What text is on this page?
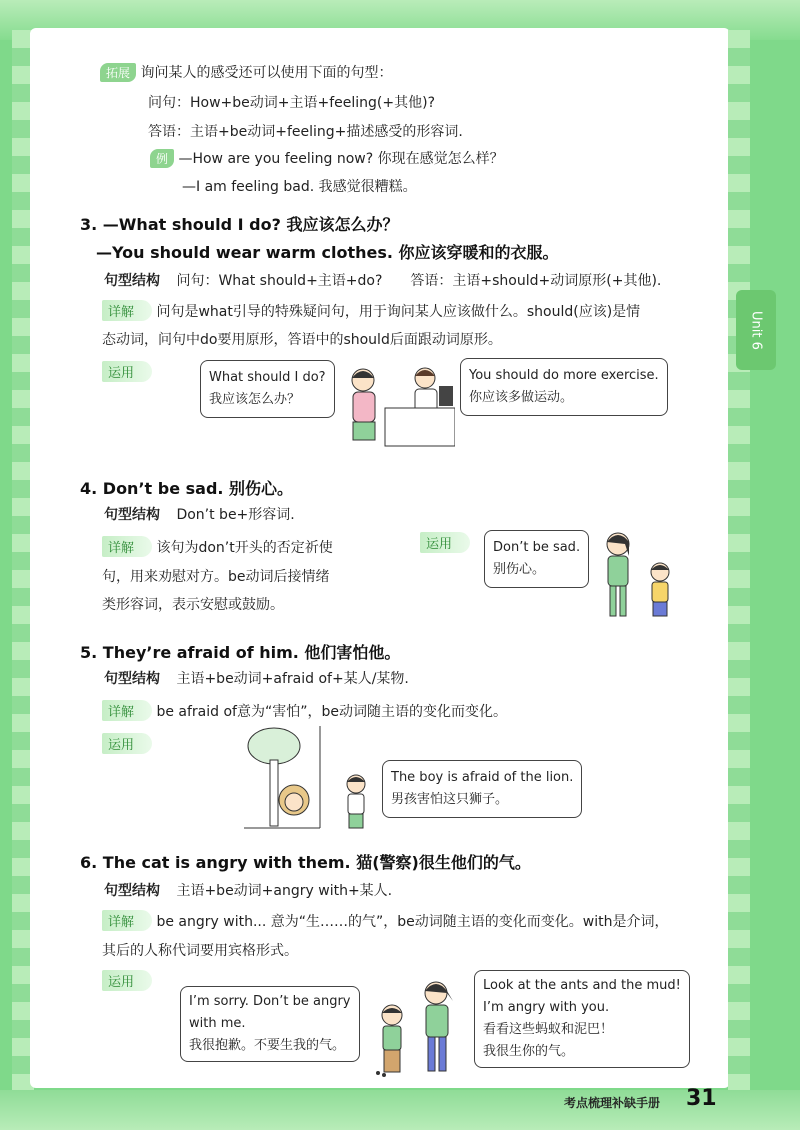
Unit 6
拓展 询问某人的感受还可以使用下面的句型：
问句：How+be动词+主语+feeling(+其他)?
答语：主语+be动词+feeling+描述感受的形容词.
例 —How are you feeling now? 你现在感觉怎么样？
—I am feeling bad. 我感觉很糟糕。
3. —What should I do? 我应该怎么办？
—You should wear warm clothes. 你应该穿暖和的衣服。
句型结构 问句：What should+主语+do?　　答语：主语+should+动词原形(+其他).
详解 问句是what引导的特殊疑问句，用于询问某人应该做什么。should(应该)是情
态动词，问句中do要用原形，答语中的should后面跟动词原形。
运用	What should I do?
我应该怎么办？
You should do more exercise.
你应该多做运动。
4. Don’t be sad. 别伤心。
句型结构 Don’t be+形容词.
详解 该句为don’t开头的否定祈使
句，用来劝慰对方。be动词后接情绪
类形容词，表示安慰或鼓励。
运用	Don’t be sad.
别伤心。
5. They’re afraid of him. 他们害怕他。
句型结构 主语+be动词+afraid of+某人/某物.
详解 be afraid of意为“害怕”，be动词随主语的变化而变化。
运用
The boy is afraid of the lion.
男孩害怕这只狮子。
6. The cat is angry with them. 猫(警察)很生他们的气。
句型结构 主语+be动词+angry with+某人.
详解 be angry with... 意为“生……的气”，be动词随主语的变化而变化。with是介词，
其后的人称代词要用宾格形式。
运用
I’m sorry. Don’t be angry
with me.
我很抱歉。不要生我的气。
Look at the ants and the mud!
I’m angry with you.
看看这些蚂蚁和泥巴！
我很生你的气。
考点梳理补缺手册 31
